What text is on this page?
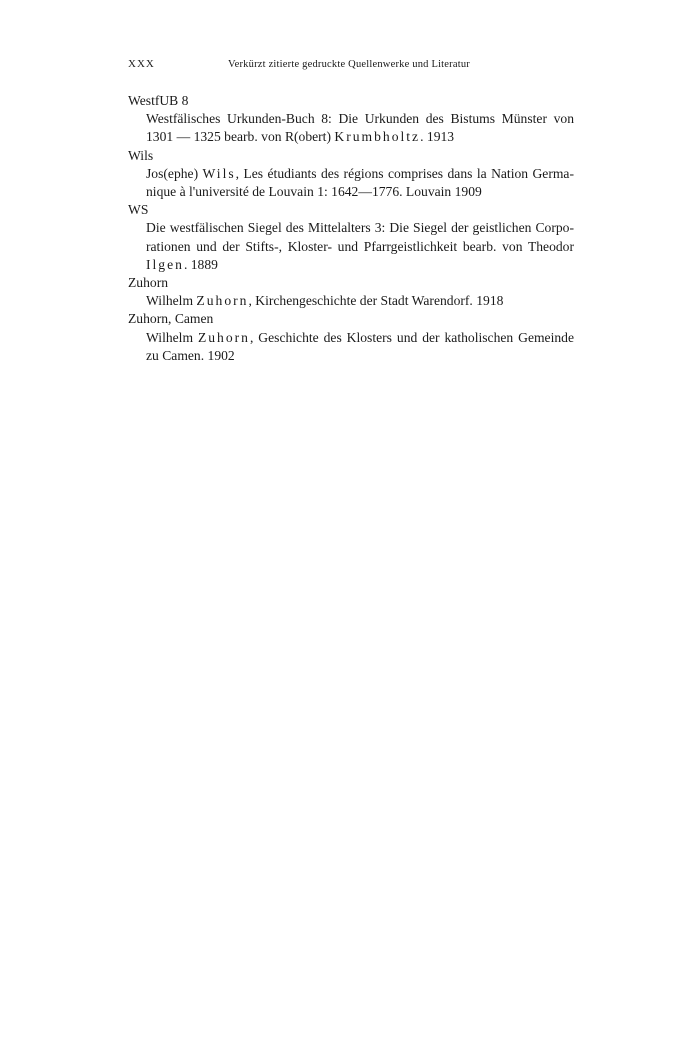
XXX	Verkürzt zitierte gedruckte Quellenwerke und Literatur
WestfUB 8
Westfälisches Urkunden-Buch 8: Die Urkunden des Bistums Münster von 1301 — 1325 bearb. von R(obert) Krumbholtz. 1913
Wils
Jos(ephe) Wils, Les étudiants des régions comprises dans la Nation Germa-nique à l'université de Louvain 1: 1642—1776. Louvain 1909
WS
Die westfälischen Siegel des Mittelalters 3: Die Siegel der geistlichen Corpo-rationen und der Stifts-, Kloster- und Pfarrgeistlichkeit bearb. von Theodor Ilgen. 1889
Zuhorn
Wilhelm Zuhorn, Kirchengeschichte der Stadt Warendorf. 1918
Zuhorn, Camen
Wilhelm Zuhorn, Geschichte des Klosters und der katholischen Gemeinde zu Camen. 1902
